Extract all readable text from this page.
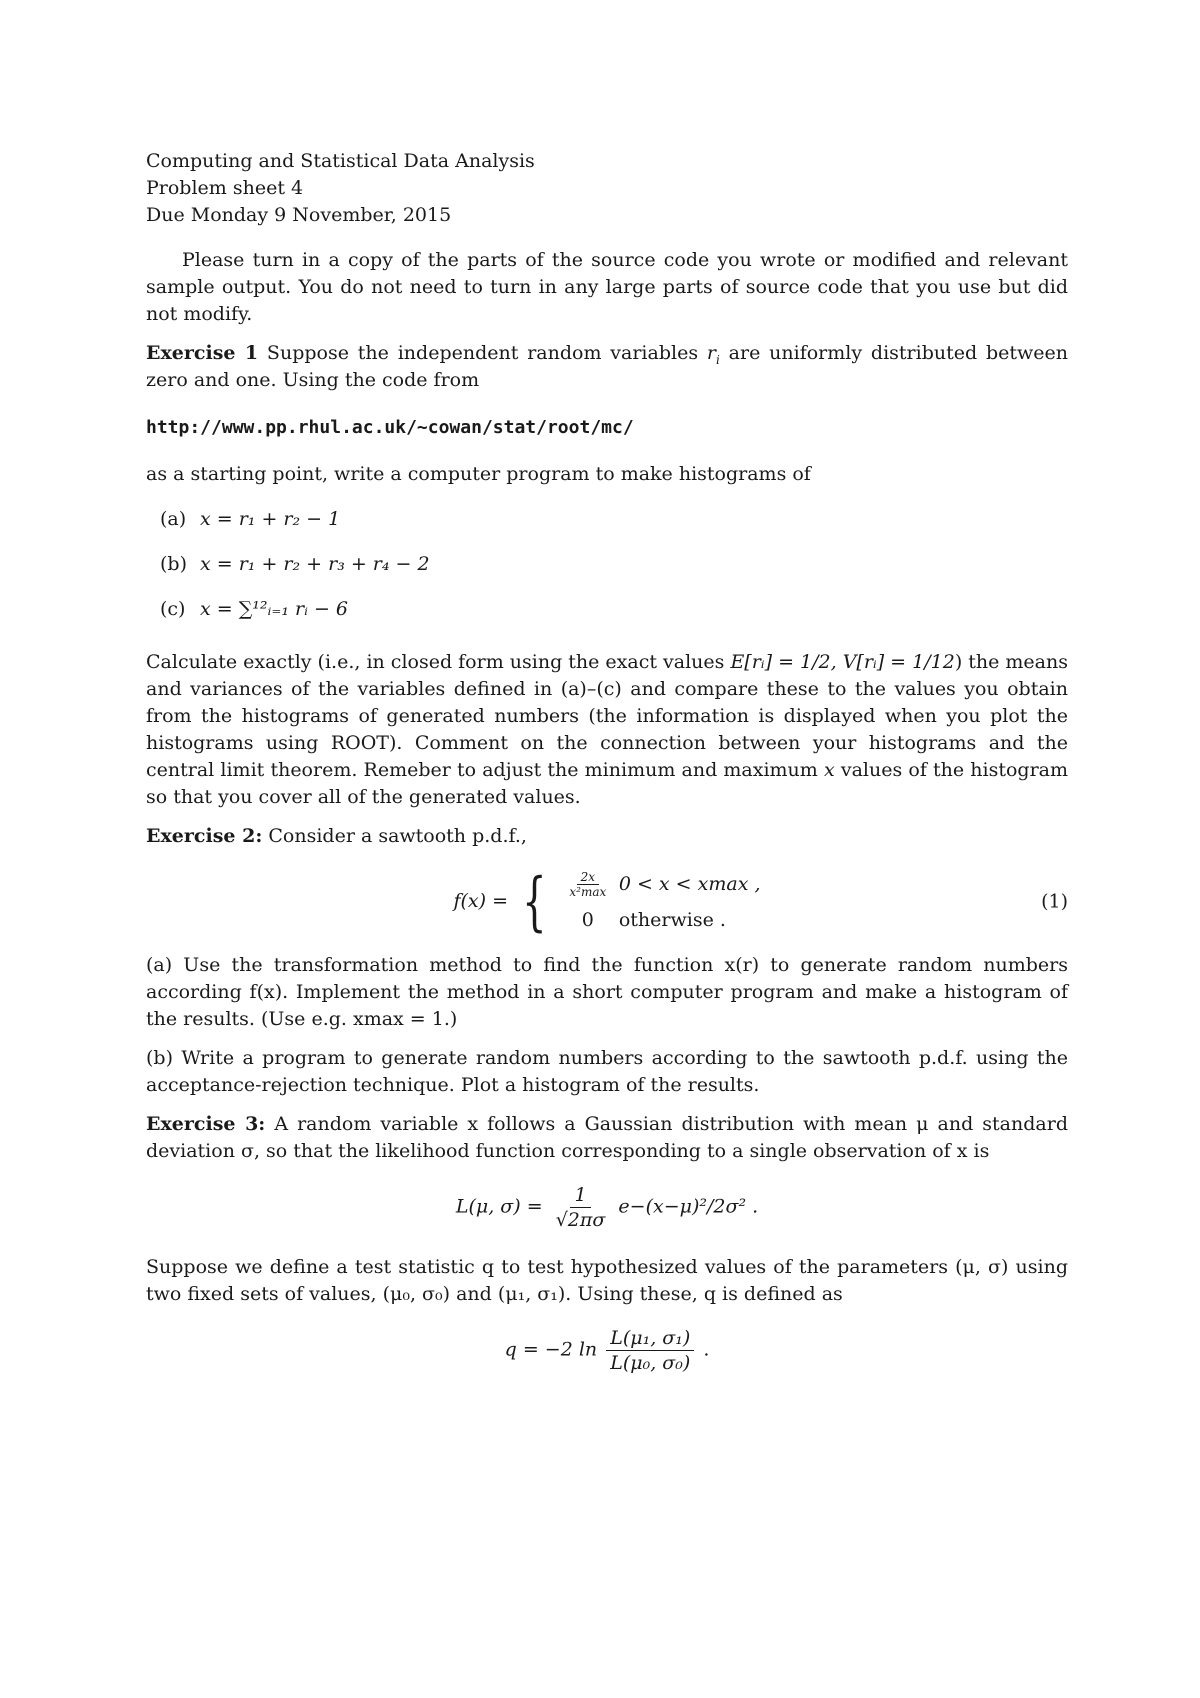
Computing and Statistical Data Analysis
Problem sheet 4
Due Monday 9 November, 2015

Please turn in a copy of the parts of the source code you wrote or modified and relevant sample output. You do not need to turn in any large parts of source code that you use but did not modify.

Exercise 1 Suppose the independent random variables $r_i$ are uniformly distributed between zero and one. Using the code from

http://www.pp.rhul.ac.uk/~cowan/stat/root/mc/

as a starting point, write a computer program to make histograms of

(a) x = r₁ + r₂ − 1
(b) x = r₁ + r₂ + r₃ + r₄ − 2
(c) x = ∑¹²ᵢ₌₁ rᵢ − 6

Calculate exactly (i.e., in closed form using the exact values E[rᵢ] = 1/2, V[rᵢ] = 1/12) the means and variances of the variables defined in (a)–(c) and compare these to the values you obtain from the histograms of generated numbers (the information is displayed when you plot the histograms using ROOT). Comment on the connection between your histograms and the central limit theorem. Remeber to adjust the minimum and maximum x values of the histogram so that you cover all of the generated values.

Exercise 2: Consider a sawtooth p.d.f.,

f(x) = { $\frac{2x}{\text{x²max}} 0 < x < xmax$ ,
0	otherwise .
(1)

(a) Use the transformation method to find the function x(r) to generate random numbers according f(x). Implement the method in a short computer program and make a histogram of the results. (Use e.g. xmax = 1.)

(b) Write a program to generate random numbers according to the sawtooth p.d.f. using the acceptance-rejection technique. Plot a histogram of the results.

Exercise 3: A random variable x follows a Gaussian distribution with mean μ and standard deviation σ, so that the likelihood function corresponding to a single observation of x is

L(μ, $\sigma) = \frac{1}{√2\pi\sigma} e-(x-\mu)^2/2\sigma^2$ .

Suppose we define a test statistic q to test hypothesized values of the parameters (μ, σ) using two fixed sets of values, (μ₀, σ₀) and (μ₁, σ₁). Using these, q is defined as

q = −2 $\ln \frac{\text{L(μ₁, σ₁)}}{\text{L(μ₀, σ₀)}}$ .
